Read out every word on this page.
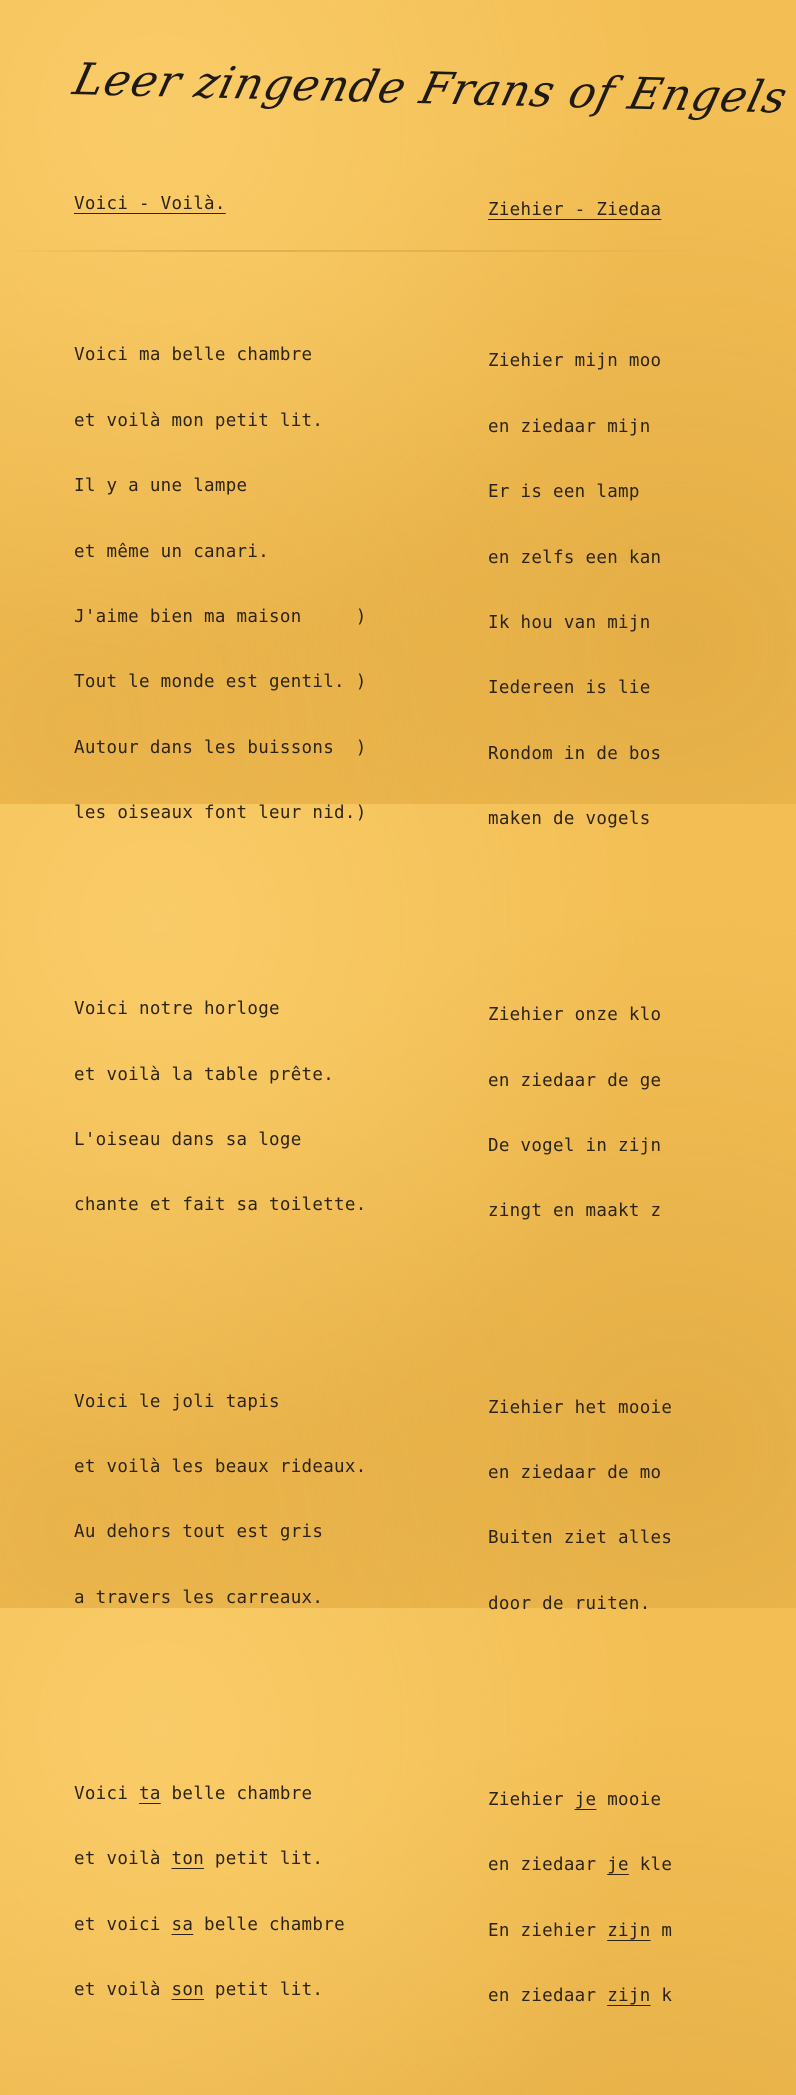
Leer zingende Frans of Engels

Voici - Voilà.

Voici ma belle chambre

et voilà mon petit lit.

Il y a une lampe

et même un canari.

J'aime bien ma maison     )

Tout le monde est gentil. )

Autour dans les buissons  )

les oiseaux font leur nid.)

Voici notre horloge

et voilà la table prête.

L'oiseau dans sa loge

chante et fait sa toilette.

Voici le joli tapis

et voilà les beaux rideaux.

Au dehors tout est gris

a travers les carreaux.

Voici ta belle chambre

et voilà ton petit lit.

et voici sa belle chambre

et voilà son petit lit.

Ziehier - Ziedaa

Ziehier mijn moo

en ziedaar mijn

Er is een lamp

en zelfs een kan

Ik hou van mijn

Iedereen is lie

Rondom in de bos

maken de vogels

Ziehier onze klo

en ziedaar de ge

De vogel in zijn

zingt en maakt z

Ziehier het mooie

en ziedaar de mo

Buiten ziet alles

door de ruiten.

Ziehier je mooie

en ziedaar je kle

En ziehier zijn m

en ziedaar zijn k
